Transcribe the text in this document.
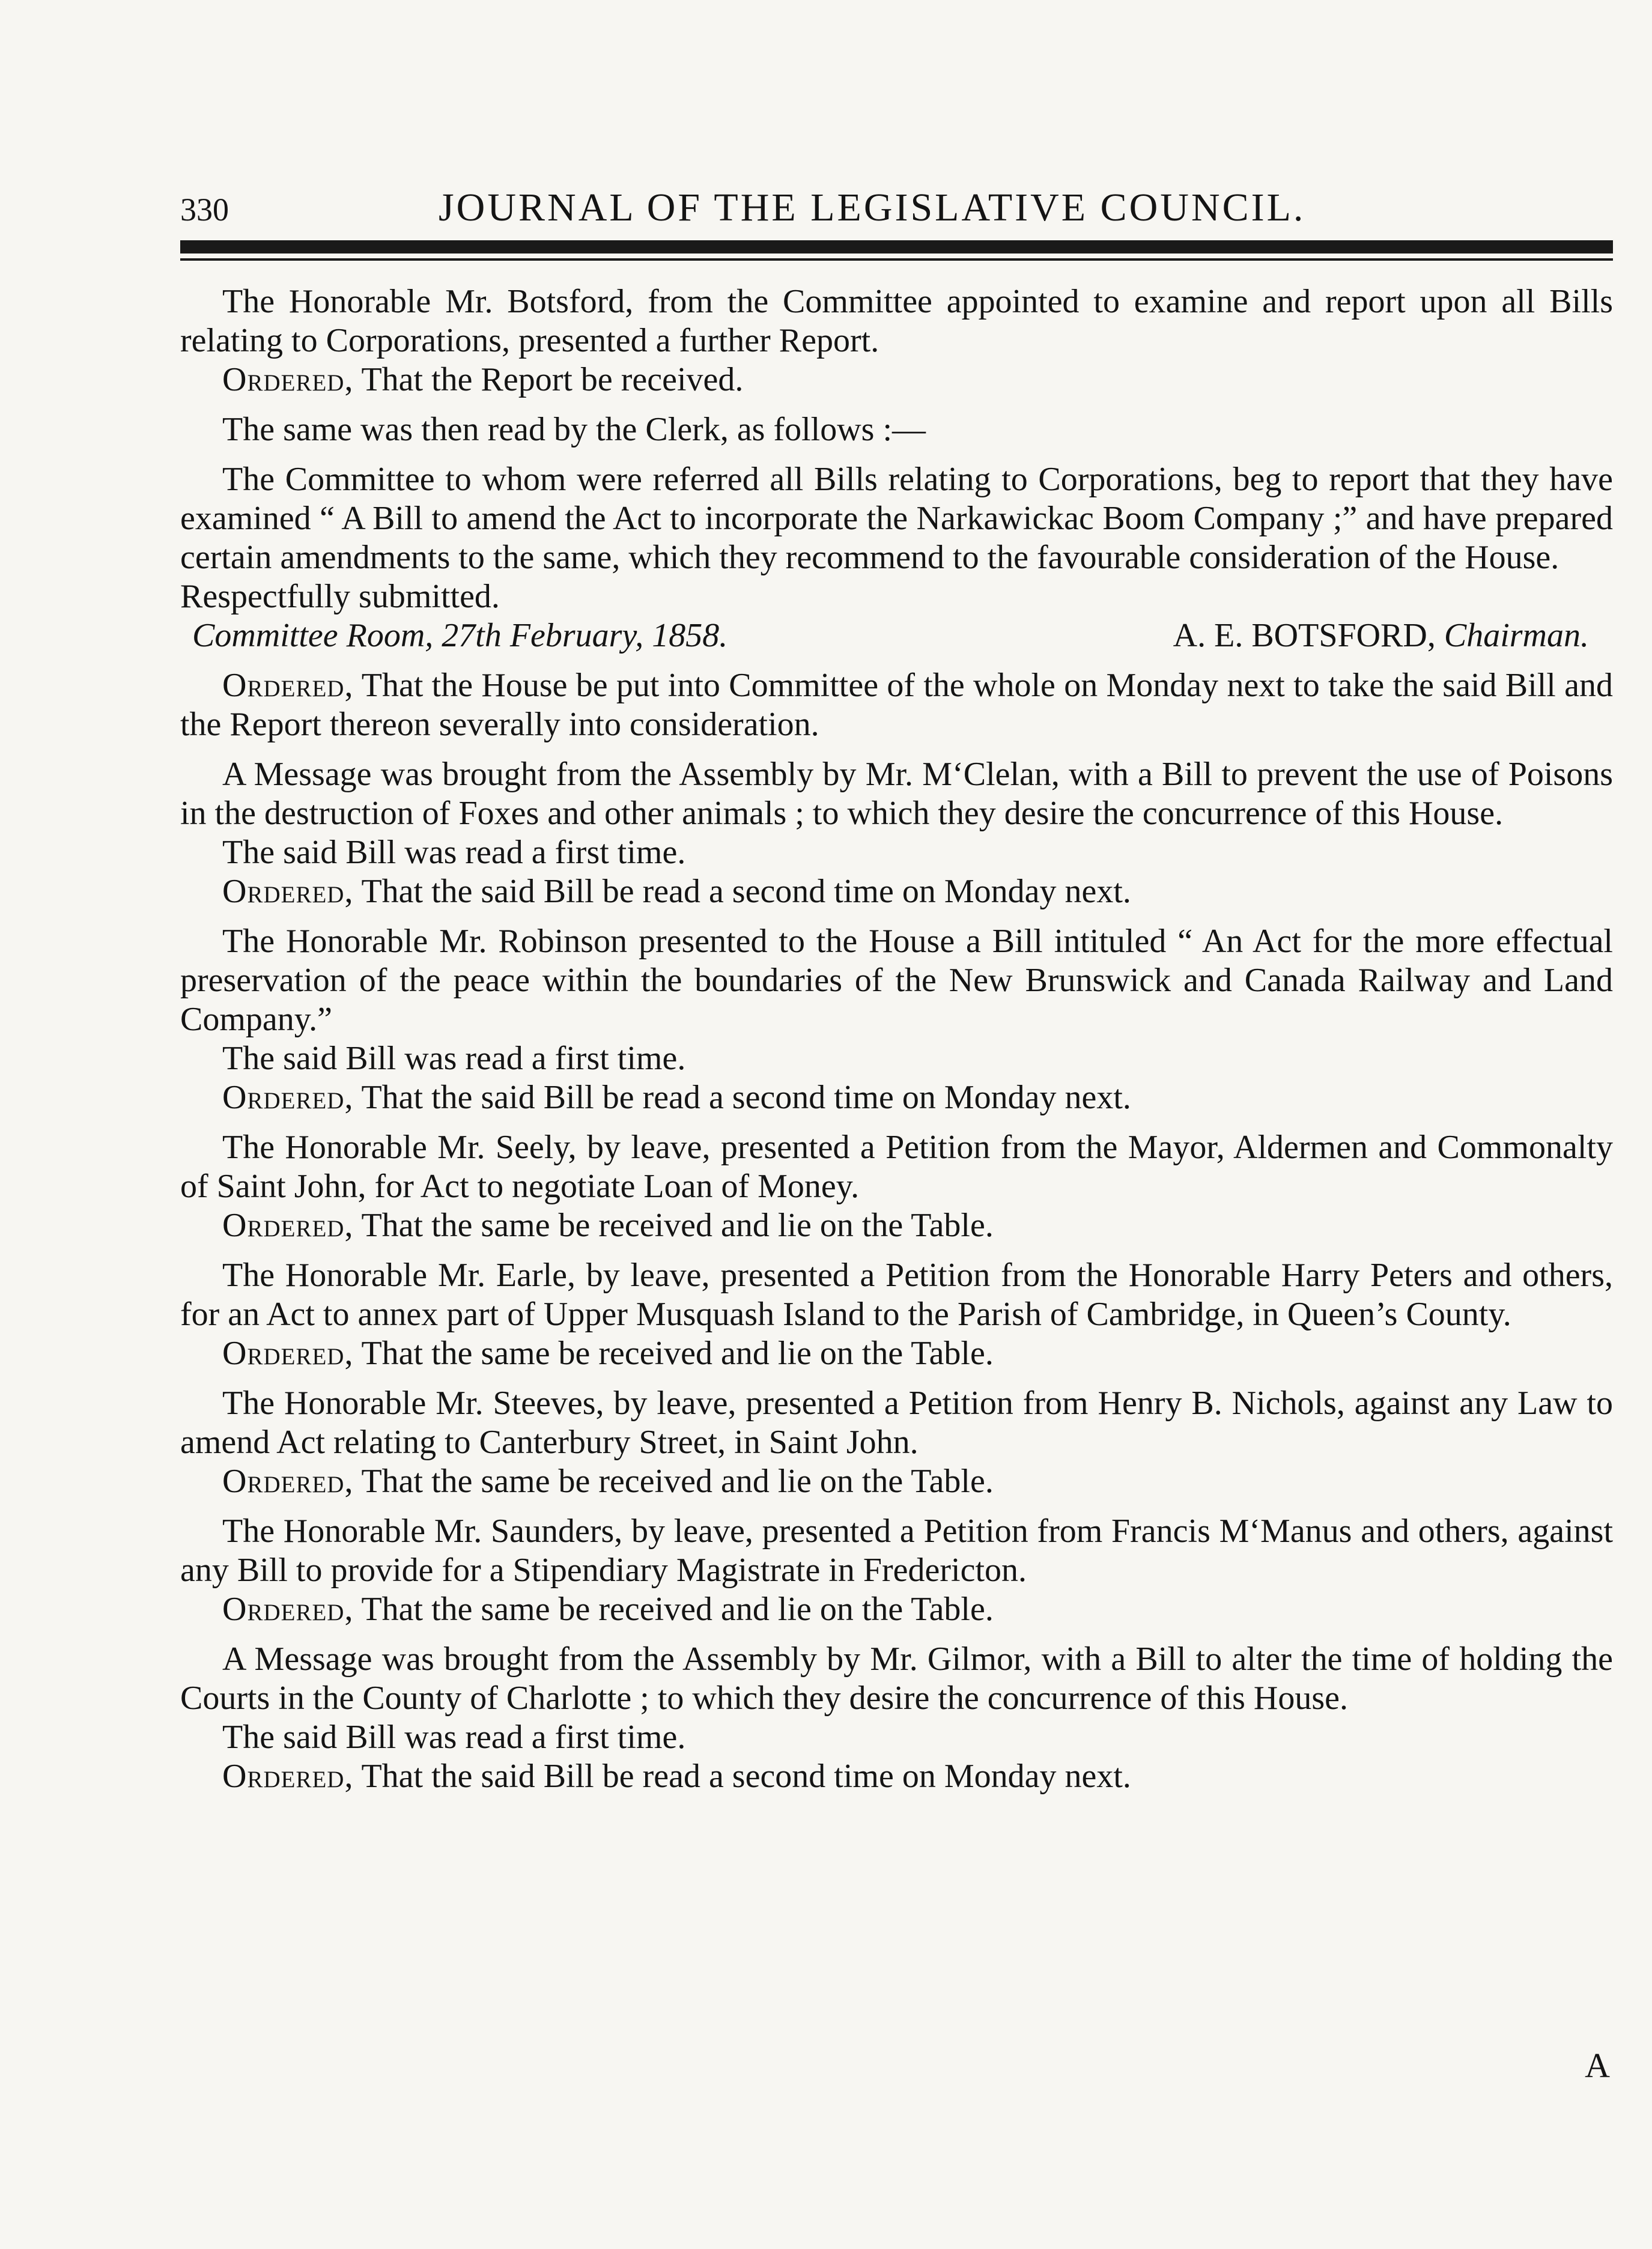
330	JOURNAL OF THE LEGISLATIVE COUNCIL.

The Honorable Mr. Botsford, from the Committee appointed to examine and report upon all Bills relating to Corporations, presented a further Report.

Ordered, That the Report be received.

The same was then read by the Clerk, as follows :—

The Committee to whom were referred all Bills relating to Corporations, beg to report that they have examined “ A Bill to amend the Act to incorporate the Narkawickac Boom Company ;” and have prepared certain amendments to the same, which they recommend to the favourable consideration of the House.

Respectfully submitted.

Committee Room, 27th February, 1858.	A. E. BOTSFORD, Chairman.

Ordered, That the House be put into Committee of the whole on Monday next to take the said Bill and the Report thereon severally into consideration.

A Message was brought from the Assembly by Mr. M‘Clelan, with a Bill to prevent the use of Poisons in the destruction of Foxes and other animals ; to which they desire the concurrence of this House.

The said Bill was read a first time.

Ordered, That the said Bill be read a second time on Monday next.

The Honorable Mr. Robinson presented to the House a Bill intituled “ An Act for the more effectual preservation of the peace within the boundaries of the New Brunswick and Canada Railway and Land Company.”

The said Bill was read a first time.

Ordered, That the said Bill be read a second time on Monday next.

The Honorable Mr. Seely, by leave, presented a Petition from the Mayor, Aldermen and Commonalty of Saint John, for Act to negotiate Loan of Money.

Ordered, That the same be received and lie on the Table.

The Honorable Mr. Earle, by leave, presented a Petition from the Honorable Harry Peters and others, for an Act to annex part of Upper Musquash Island to the Parish of Cambridge, in Queen’s County.

Ordered, That the same be received and lie on the Table.

The Honorable Mr. Steeves, by leave, presented a Petition from Henry B. Nichols, against any Law to amend Act relating to Canterbury Street, in Saint John.

Ordered, That the same be received and lie on the Table.

The Honorable Mr. Saunders, by leave, presented a Petition from Francis M‘Manus and others, against any Bill to provide for a Stipendiary Magistrate in Fredericton.

Ordered, That the same be received and lie on the Table.

A Message was brought from the Assembly by Mr. Gilmor, with a Bill to alter the time of holding the Courts in the County of Charlotte ; to which they desire the concurrence of this House.

The said Bill was read a first time.

Ordered, That the said Bill be read a second time on Monday next.

A
